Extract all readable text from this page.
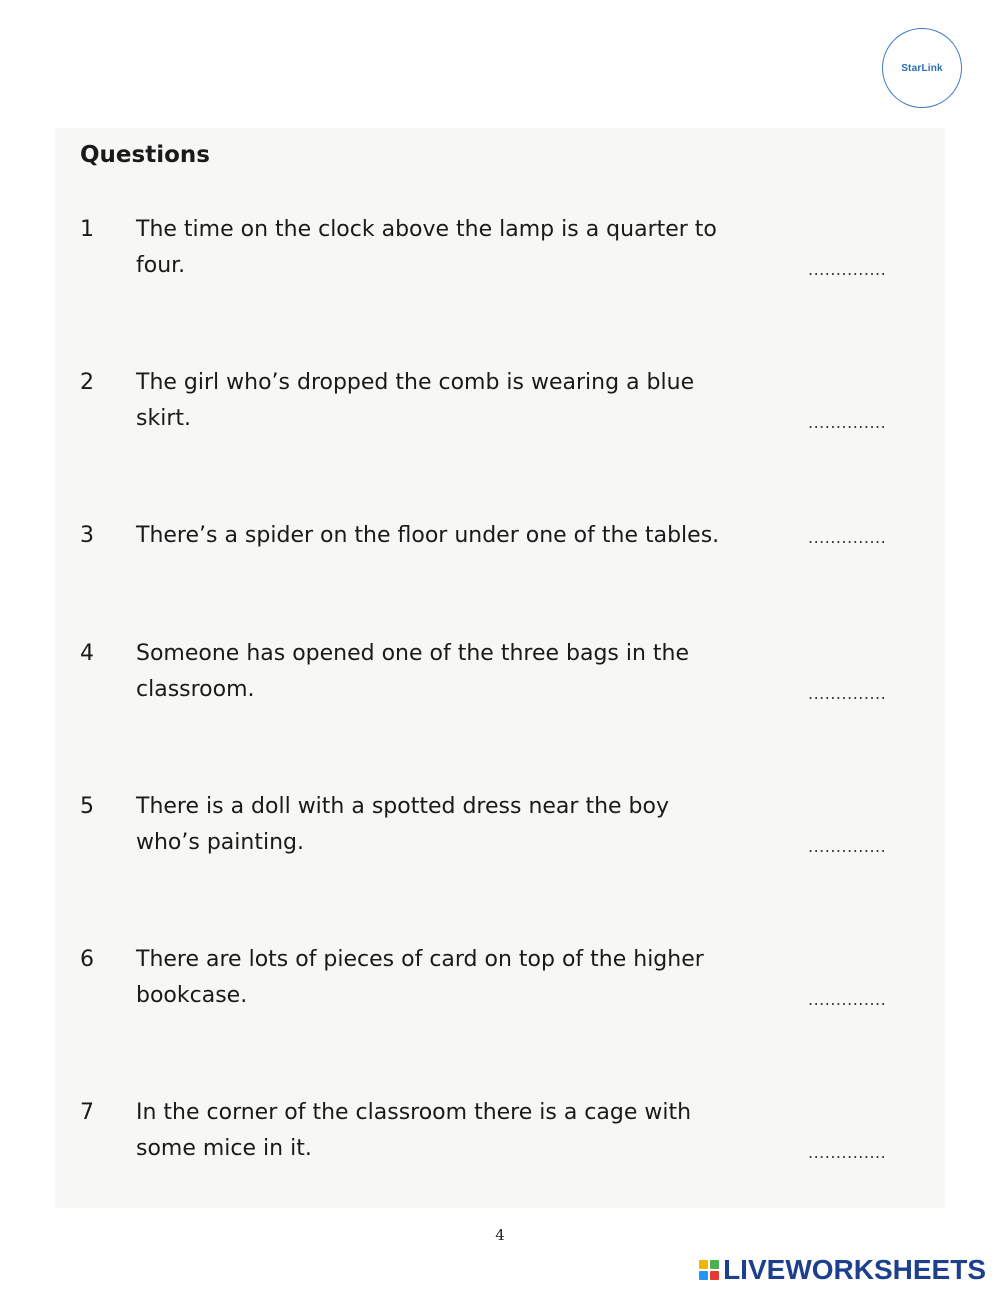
StarLink
Questions
1 The time on the clock above the lamp is a quarter to four.	..............
2 The girl who’s dropped the comb is wearing a blue skirt.	..............
3 There’s a spider on the floor under one of the tables.	..............
4 Someone has opened one of the three bags in the classroom.	..............
5 There is a doll with a spotted dress near the boy who’s painting.	..............
6 There are lots of pieces of card on top of the higher bookcase.	..............
7 In the corner of the classroom there is a cage with some mice in it.	..............
4
LIVEWORKSHEETS
